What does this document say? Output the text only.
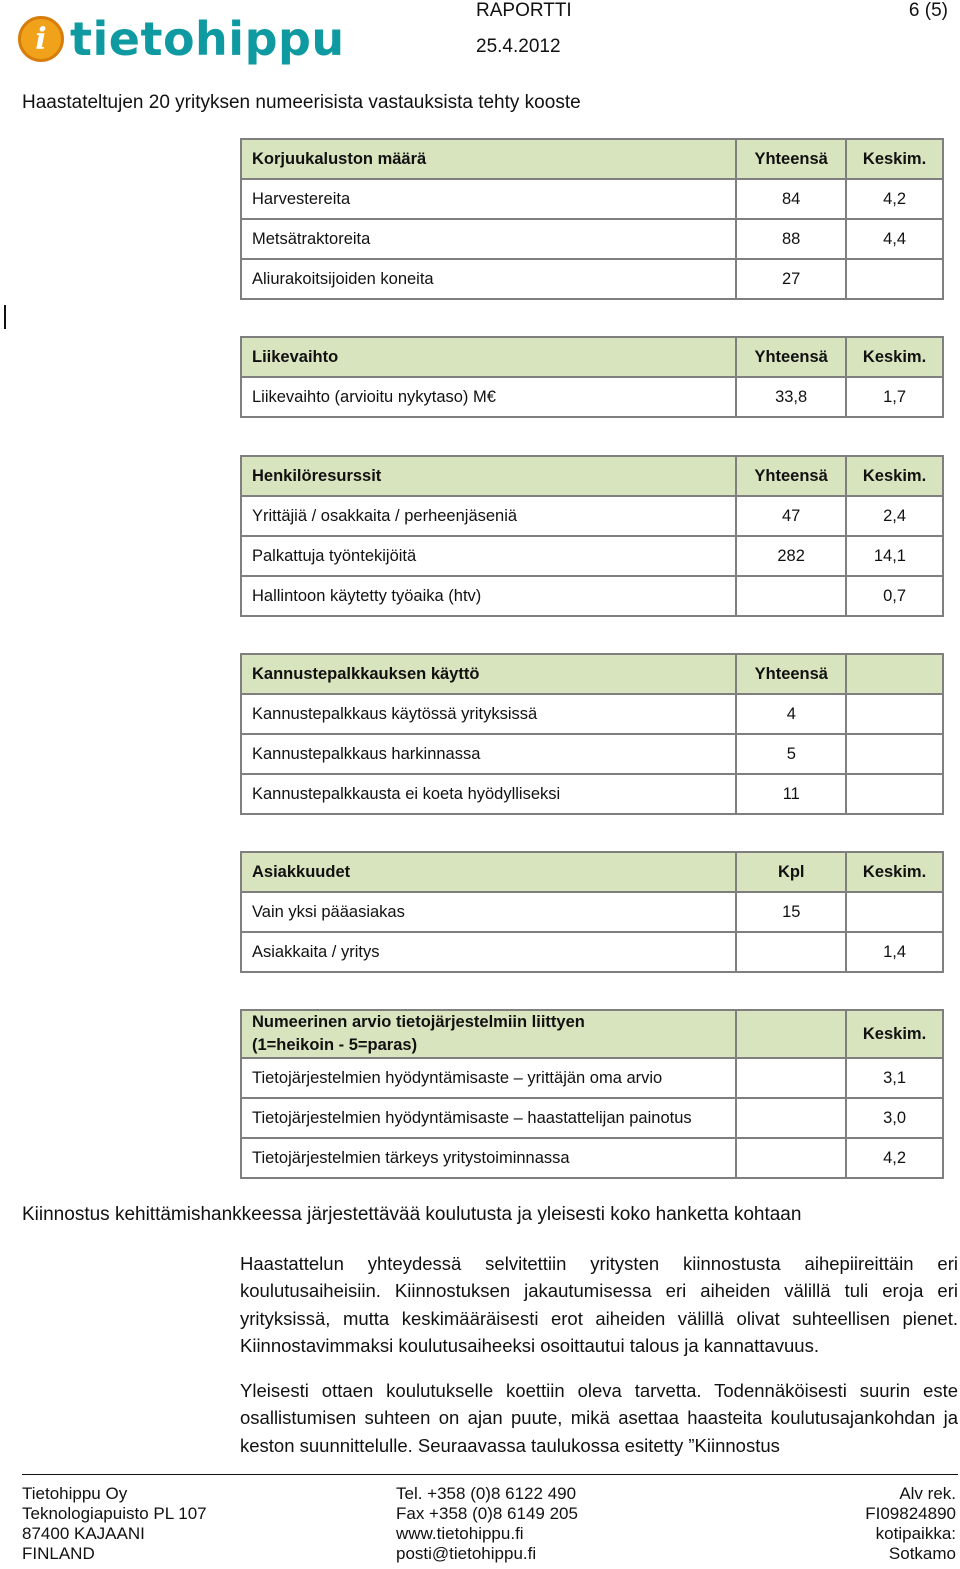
i tietohippu
RAPORTTI
25.4.2012
6 (5)
Haastateltujen 20 yrityksen numeerisista vastauksista tehty kooste
Korjuukaluston määrä	Yhteensä	Keskim.
Harvestereita	84	4,2
Metsätraktoreita	88	4,4
Aliurakoitsijoiden koneita	27	
Liikevaihto	Yhteensä	Keskim.
Liikevaihto (arvioitu nykytaso) M€	33,8	1,7
Henkilöresurssit	Yhteensä	Keskim.
Yrittäjiä / osakkaita / perheenjäseniä	47	2,4
Palkattuja työntekijöitä	282	14,1
Hallintoon käytetty työaika (htv)		0,7
Kannustepalkkauksen käyttö	Yhteensä	
Kannustepalkkaus käytössä yrityksissä	4	
Kannustepalkkaus harkinnassa	5	
Kannustepalkkausta ei koeta hyödylliseksi	11	
Asiakkuudet	Kpl	Keskim.
Vain yksi pääasiakas	15	
Asiakkaita / yritys		1,4
Numeerinen arvio tietojärjestelmiin liittyen
(1=heikoin - 5=paras)		Keskim.
Tietojärjestelmien hyödyntämisaste – yrittäjän oma arvio		3,1
Tietojärjestelmien hyödyntämisaste – haastattelijan painotus		3,0
Tietojärjestelmien tärkeys yritystoiminnassa		4,2
Kiinnostus kehittämishankkeessa järjestettävää koulutusta ja yleisesti koko hanketta kohtaan

Haastattelun yhteydessä selvitettiin yritysten kiinnostusta aihepiireittäin eri koulutusaiheisiin. Kiinnostuksen jakautumisessa eri aiheiden välillä tuli eroja eri yrityksissä, mutta keskimääräisesti erot aiheiden välillä olivat suhteellisen pienet. Kiinnostavimmaksi koulutusaiheeksi osoittautui talous ja kannattavuus.

Yleisesti ottaen koulutukselle koettiin oleva tarvetta. Todennäköisesti suurin este osallistumisen suhteen on ajan puute, mikä asettaa haasteita koulutusajankohdan ja keston suunnittelulle. Seuraavassa taulukossa esitetty ”Kiinnostus

Tietohippu Oy
Teknologiapuisto PL 107
87400 KAJAANI
FINLAND
Tel. +358 (0)8 6122 490
Fax +358 (0)8 6149 205
www.tietohippu.fi
posti@tietohippu.fi
Alv rek.
FI09824890
kotipaikka:
Sotkamo
